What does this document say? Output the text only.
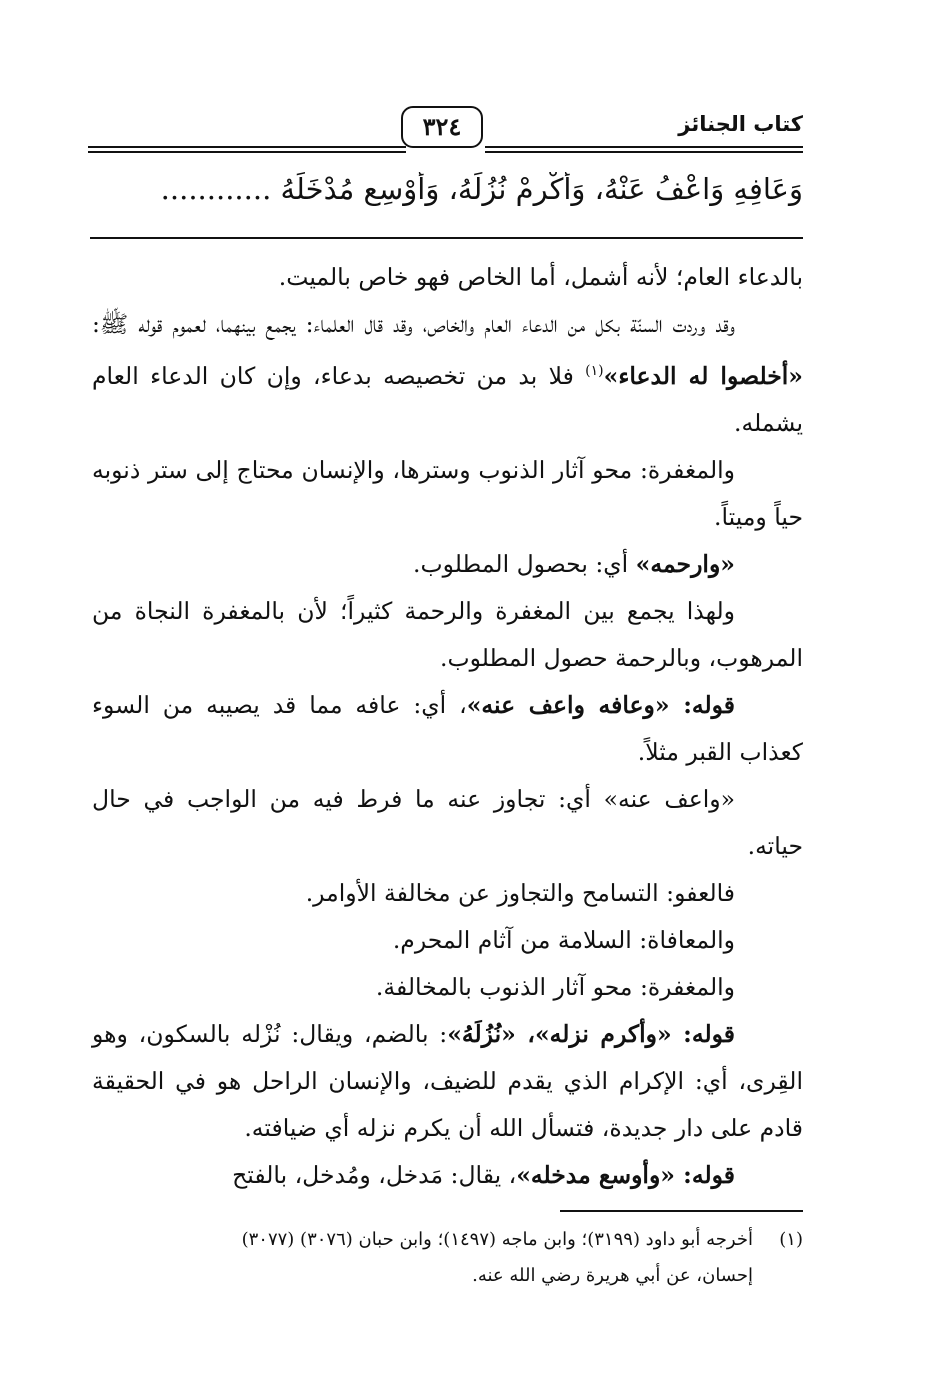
كتاب الجنائز
٣٢٤
وَعَافِهِ وَاعْفُ عَنْهُ، وَأَكْرِمْ نُزُلَهُ، وَأَوْسِعِ مُدْخَلَهُ ............

بالدعاء العام؛ لأنه أشمل، أما الخاص فهو خاص بالميت.

وقد وردت السنّة بكل من الدعاء العام والخاص، وقد قال العلماء: يجمع بينهما، لعموم قوله ﷺ: «أخلصوا له الدعاء»$^{(١)}$ فلا بد من تخصيصه بدعاء، وإن كان الدعاء العام يشمله.

والمغفرة: محو آثار الذنوب وسترها، والإنسان محتاج إلى ستر ذنوبه حياً وميتاً.

«وارحمه» أي: بحصول المطلوب.

ولهذا يجمع بين المغفرة والرحمة كثيراً؛ لأن بالمغفرة النجاة من المرهوب، وبالرحمة حصول المطلوب.

قوله: «وعافه واعف عنه»، أي: عافه مما قد يصيبه من السوء كعذاب القبر مثلاً.

«واعف عنه» أي: تجاوز عنه ما فرط فيه من الواجب في حال حياته.

فالعفو: التسامح والتجاوز عن مخالفة الأوامر.

والمعافاة: السلامة من آثام المحرم.

والمغفرة: محو آثار الذنوب بالمخالفة.

قوله: «وأكرم نزله»، «نُزُلَهُ»: بالضم، ويقال: نُزْله بالسكون، وهو القِرى، أي: الإكرام الذي يقدم للضيف، والإنسان الراحل هو في الحقيقة قادم على دار جديدة، فتسأل الله أن يكرم نزله أي ضيافته.

قوله: «وأوسع مدخله»، يقال: مَدخل، ومُدخل، بالفتح

(١)أخرجه أبو داود (٣١٩٩)؛ وابن ماجه (١٤٩٧)؛ وابن حبان (٣٠٧٦) (٣٠٧٧)

إحسان، عن أبي هريرة رضي الله عنه.
